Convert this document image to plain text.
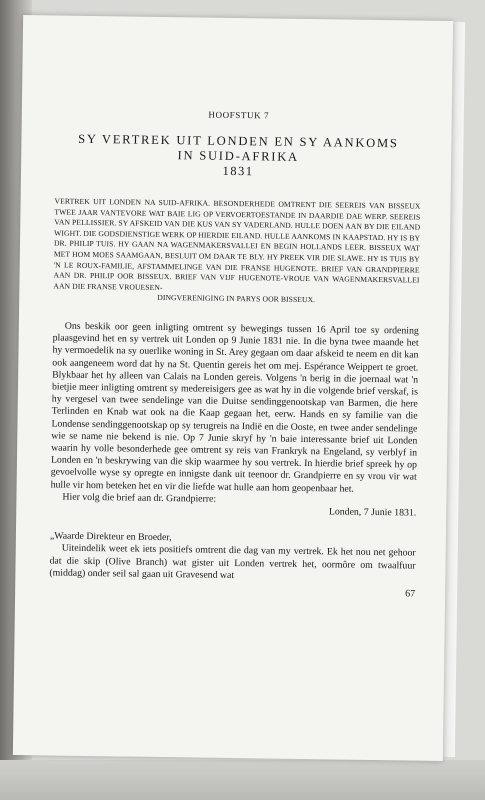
HOOFSTUK 7
SY VERTREK UIT LONDEN EN SY AANKOMS
IN SUID-AFRIKA
1831
VERTREK UIT LONDEN NA SUID-AFRIKA. BESONDERHEDE OMTRENT DIE SEEREIS VAN BISSEUX TWEE JAAR VANTEVORE WAT BAIE LIG OP VERVOERTOESTANDE IN DAARDIE DAE WERP. SEEREIS VAN PELLISSIER. SY AFSKEID VAN DIE KUS VAN SY VADERLAND. HULLE DOEN AAN BY DIE EILAND WIGHT. DIE GODSDIENSTIGE WERK OP HIERDIE EILAND. HULLE AANKOMS IN KAAPSTAD. HY IS BY DR. PHILIP TUIS. HY GAAN NA WAGENMAKERSVALLEI EN BEGIN HOLLANDS LEER. BISSEUX WAT MET HOM MOES SAAMGAAN, BESLUIT OM DAAR TE BLY. HY PREEK VIR DIE SLAWE. HY IS TUIS BY 'N LE ROUX-FAMILIE, AFSTAMMELINGE VAN DIE FRANSE HUGENOTE. BRIEF VAN GRANDPIERRE AAN DR. PHILIP OOR BISSEUX. BRIEF VAN VIJF HUGENOTE-VROUE VAN WAGENMAKERSVALLEI AAN DIE FRANSE VROUESEN-
DINGVERENIGING IN PARYS OOR BISSEUX.
Ons beskik oor geen inligting omtrent sy bewegings tussen 16 April toe sy ordening plaasgevind het en sy vertrek uit Londen op 9 Junie 1831 nie. In die byna twee maande het hy vermoedelik na sy ouerlike woning in St. Arey gegaan om daar afskeid te neem en dit kan ook aangeneem word dat hy na St. Quentin gereis het om mej. Espérance Weippert te groet. Blykbaar het hy alleen van Calais na Londen gereis. Volgens 'n berig in die joernaal wat 'n bietjie meer inligting omtrent sy medereisigers gee as wat hy in die volgende brief verskaf, is hy vergesel van twee sendelinge van die Duitse sendinggenootskap van Barmen, die here Terlinden en Knab wat ook na die Kaap gegaan het, eerw. Hands en sy familie van die Londense sendinggenootskap op sy terugreis na Indië en die Ooste, en twee ander sendelinge wie se name nie bekend is nie. Op 7 Junie skryf hy 'n baie interessante brief uit Londen waarin hy volle besonderhede gee omtrent sy reis van Frankryk na Engeland, sy verblyf in Londen en 'n beskrywing van die skip waarmee hy sou vertrek. In hierdie brief spreek hy op gevoelvolle wyse sy opregte en innigste dank uit teenoor dr. Grandpierre en sy vrou vir wat hulle vir hom beteken het en vir die liefde wat hulle aan hom geopenbaar het.
Hier volg die brief aan dr. Grandpierre:
Londen, 7 Junie 1831.
„Waarde Direkteur en Broeder,
Uiteindelik weet ek iets positiefs omtrent die dag van my vertrek. Ek het nou net gehoor dat die skip (Olive Branch) wat gister uit Londen vertrek het, oormôre om twaalfuur (middag) onder seil sal gaan uit Gravesend wat
67
